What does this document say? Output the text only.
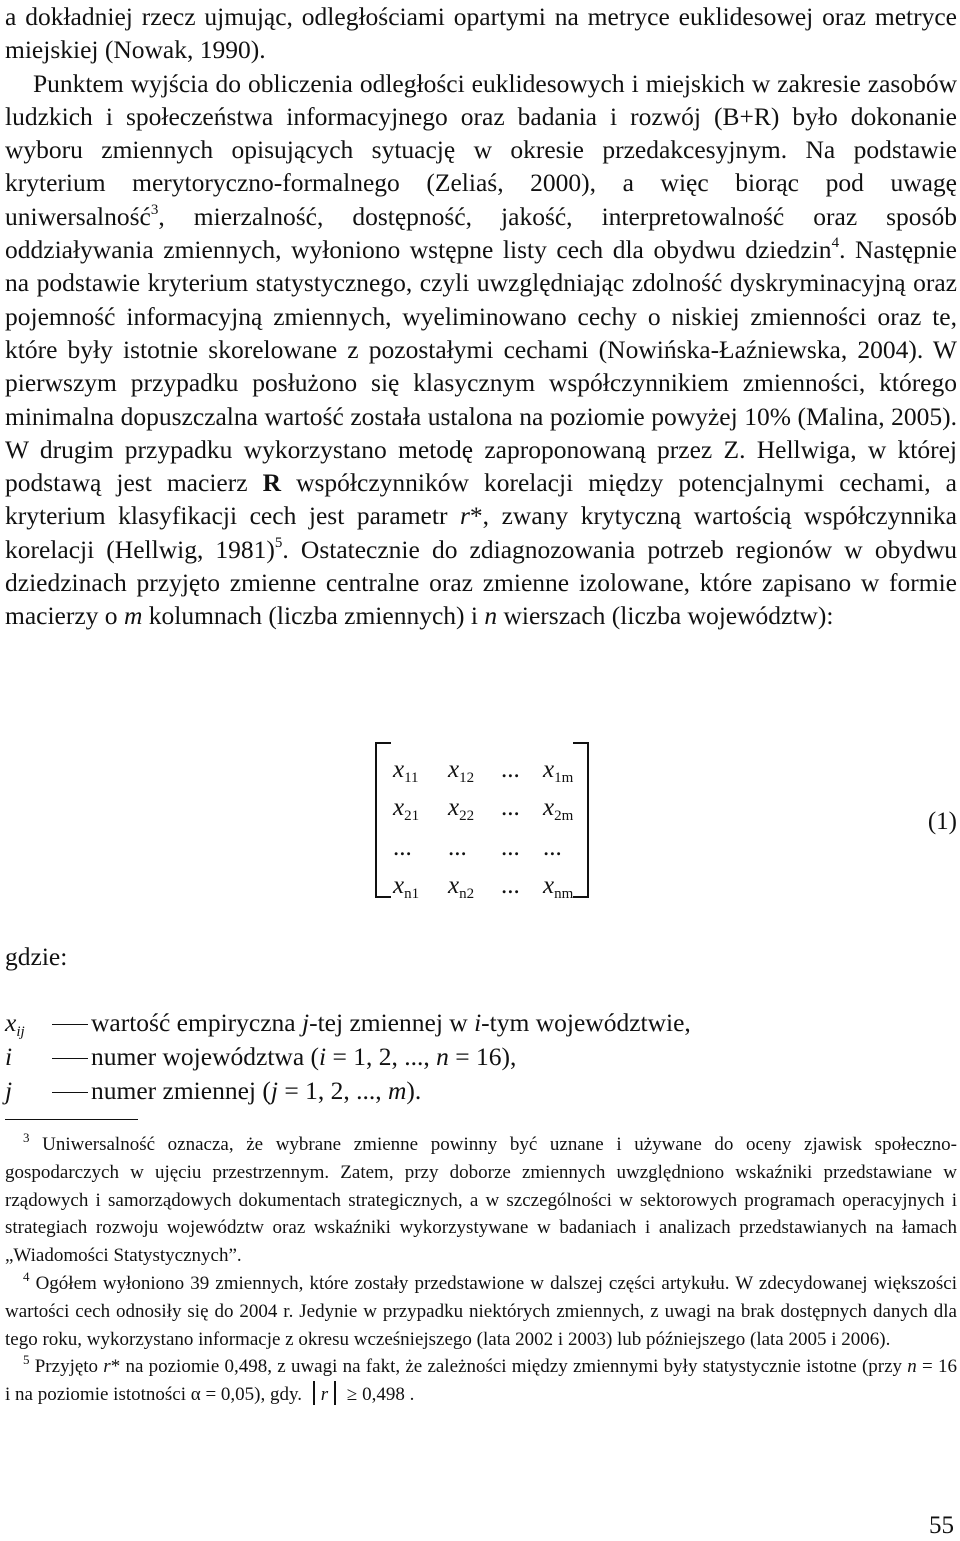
a dokładniej rzecz ujmując, odległościami opartymi na metryce euklidesowej oraz metryce miejskiej (Nowak, 1990).

Punktem wyjścia do obliczenia odległości euklidesowych i miejskich w zakresie zasobów ludzkich i społeczeństwa informacyjnego oraz badania i rozwój (B+R) było dokonanie wyboru zmiennych opisujących sytuację w okresie przedakcesyjnym. Na podstawie kryterium merytoryczno-formalnego (Zeliaś, 2000), a więc biorąc pod uwagę uniwersalność$^3$, mierzalność, dostępność, jakość, interpretowalność oraz sposób oddziaływania zmiennych, wyłoniono wstępne listy cech dla obydwu dziedzin$^4$. Następnie na podstawie kryterium statystycznego, czyli uwzględniając zdolność dyskryminacyjną oraz pojemność informacyjną zmiennych, wyeliminowano cechy o niskiej zmienności oraz te, które były istotnie skorelowane z pozostałymi cechami (Nowińska-Łaźniewska, 2004). W pierwszym przypadku posłużono się klasycznym współczynnikiem zmienności, którego minimalna dopuszczalna wartość została ustalona na poziomie powyżej 10% (Malina, 2005). W drugim przypadku wykorzystano metodę zaproponowaną przez Z. Hellwiga, w której podstawą jest macierz R współczynników korelacji między potencjalnymi cechami, a kryterium klasyfikacji cech jest parametr r*, zwany krytyczną wartością współczynnika korelacji (Hellwig, 1981)$^5$. Ostatecznie do zdiagnozowania potrzeb regionów w obydwu dziedzinach przyjęto zmienne centralne oraz zmienne izolowane, które zapisano w formie macierzy o m kolumnach (liczba zmiennych) i n wierszach (liczba województw):

$x_{11}$ $x_{12}$ ... $x_{1m}$
$x_{21}$ $x_{22}$ ... $x_{2m}$
... ... ... ...
$x_{n1}$ $x_{n2}$ ... $x_{nm}$
(1)
gdzie:
$x_{ij}$	wartość empiryczna j-tej zmiennej w i-tym województwie,
i	numer województwa (i = 1, 2, ..., n = 16),
j	numer zmiennej (j = 1, 2, ..., m).

$^3$ Uniwersalność oznacza, że wybrane zmienne powinny być uznane i używane do oceny zjawisk społeczno-gospodarczych w ujęciu przestrzennym. Zatem, przy doborze zmiennych uwzględniono wskaźniki przedstawiane w rządowych i samorządowych dokumentach strategicznych, a w szczególności w sektorowych programach operacyjnych i strategiach rozwoju województw oraz wskaźniki wykorzystywane w badaniach i analizach przedstawianych na łamach „Wiadomości Statystycznych”.

$^4$ Ogółem wyłoniono 39 zmiennych, które zostały przedstawione w dalszej części artykułu. W zdecydowanej większości wartości cech odnosiły się do 2004 r. Jedynie w przypadku niektórych zmiennych, z uwagi na brak dostępnych danych dla tego roku, wykorzystano informacje z okresu wcześniejszego (lata 2002 i 2003) lub późniejszego (lata 2005 i 2006).

$^5$ Przyjęto r* na poziomie 0,498, z uwagi na fakt, że zależności między zmiennymi były statystycznie istotne (przy n = 16 i na poziomie istotności α = 0,05), gdy. r ≥ 0,498 .

55
